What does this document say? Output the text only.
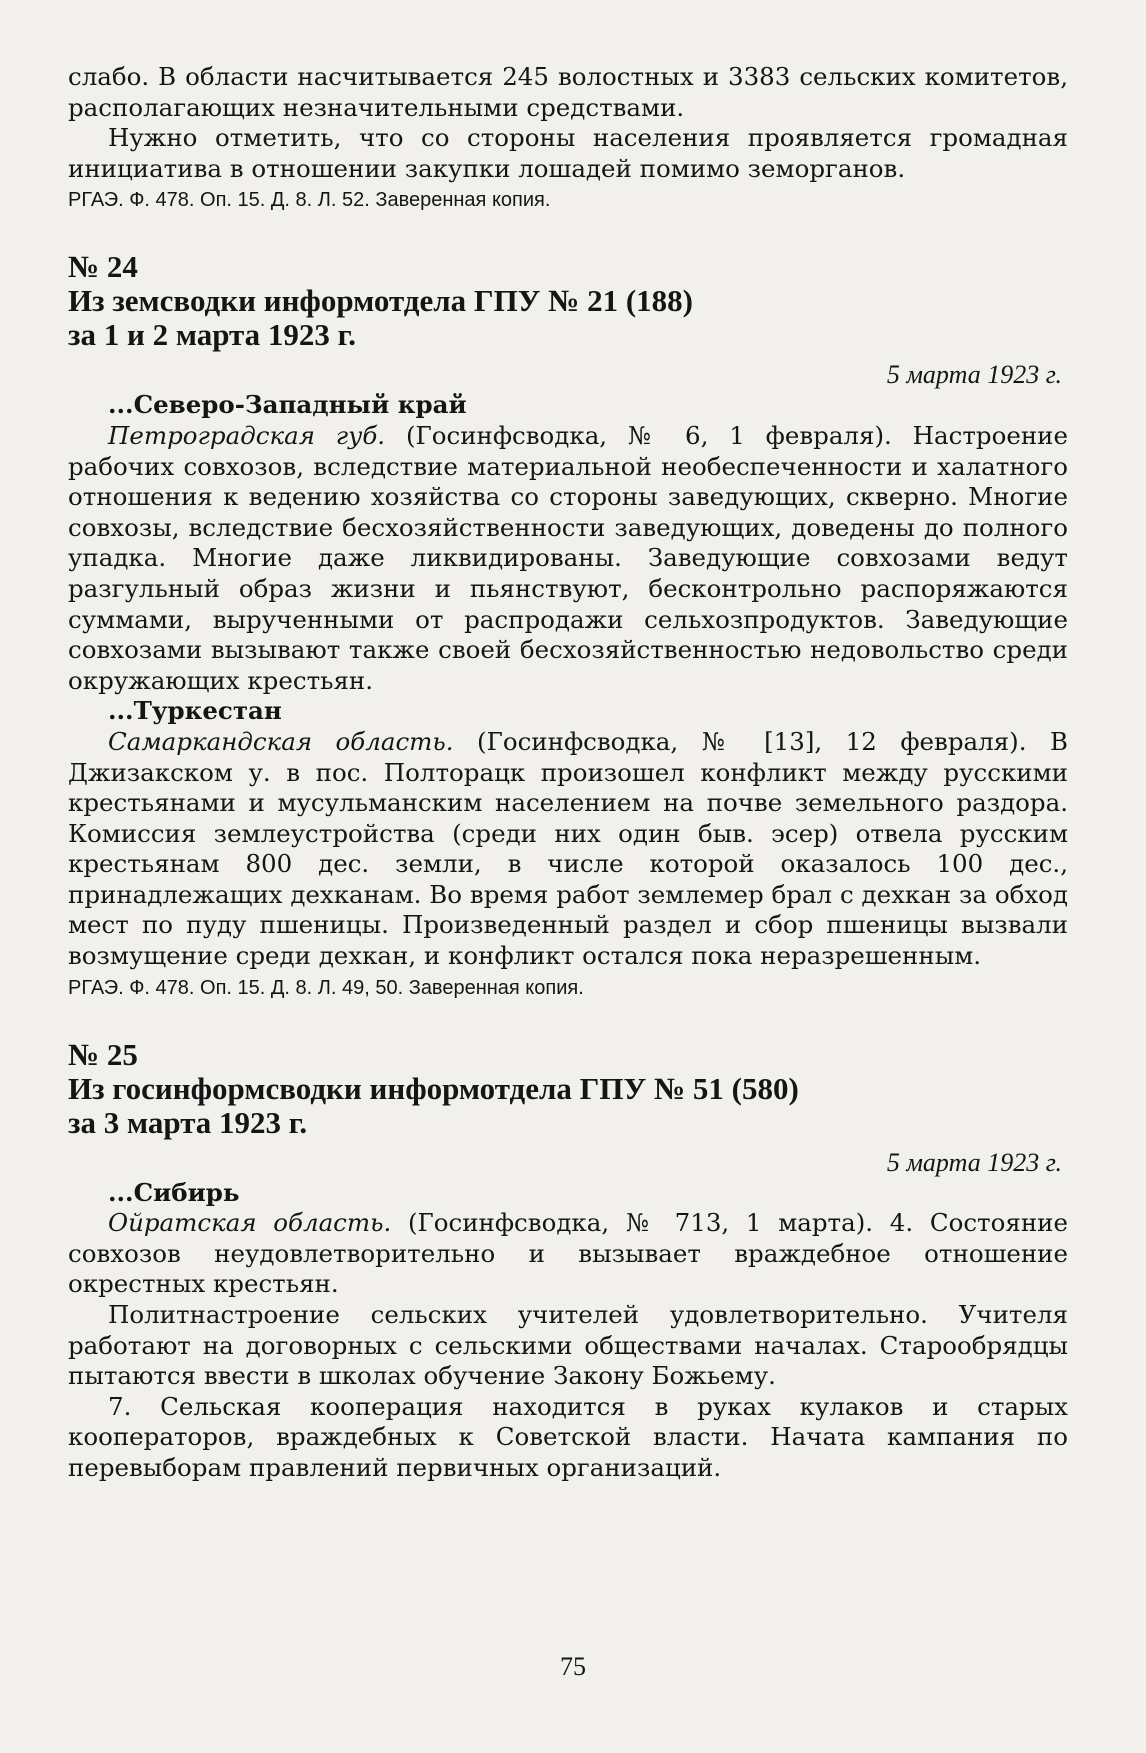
слабо. В области насчитывается 245 волостных и 3383 сельских комитетов, располагающих незначительными средствами.

Нужно отметить, что со стороны населения проявляется громадная инициатива в отношении закупки лошадей помимо земорганов.

РГАЭ. Ф. 478. Оп. 15. Д. 8. Л. 52. Заверенная копия.

№ 24

Из земсводки информотдела ГПУ № 21 (188)

за 1 и 2 марта 1923 г.

5 марта 1923 г.

...Северо-Западный край

Петроградская губ. (Госинфсводка, № 6, 1 февраля). Настроение рабочих совхозов, вследствие материальной необеспеченности и халатного отношения к ведению хозяйства со стороны заведующих, скверно. Многие совхозы, вследствие бесхозяйственности заведующих, доведены до полного упадка. Многие даже ликвидированы. Заведующие совхозами ведут разгульный образ жизни и пьянствуют, бесконтрольно распоряжаются суммами, вырученными от распродажи сельхозпродуктов. Заведующие совхозами вызывают также своей бесхозяйственностью недовольство среди окружающих крестьян.

...Туркестан

Самаркандская область. (Госинфсводка, № [13], 12 февраля). В Джизакском у. в пос. Полторацк произошел конфликт между русскими крестьянами и мусульманским населением на почве земельного раздора. Комиссия землеустройства (среди них один быв. эсер) отвела русским крестьянам 800 дес. земли, в числе которой оказалось 100 дес., принадлежащих дехканам. Во время работ землемер брал с дехкан за обход мест по пуду пшеницы. Произведенный раздел и сбор пшеницы вызвали возмущение среди дехкан, и конфликт остался пока неразрешенным.

РГАЭ. Ф. 478. Оп. 15. Д. 8. Л. 49, 50. Заверенная копия.

№ 25

Из госинформсводки информотдела ГПУ № 51 (580)

за 3 марта 1923 г.

5 марта 1923 г.

...Сибирь

Ойратская область. (Госинфсводка, № 713, 1 марта). 4. Состояние совхозов неудовлетворительно и вызывает враждебное отношение окрестных крестьян.

Политнастроение сельских учителей удовлетворительно. Учителя работают на договорных с сельскими обществами началах. Старообрядцы пытаются ввести в школах обучение Закону Божьему.

7. Сельская кооперация находится в руках кулаков и старых кооператоров, враждебных к Советской власти. Начата кампания по перевыборам правлений первичных организаций.

75
